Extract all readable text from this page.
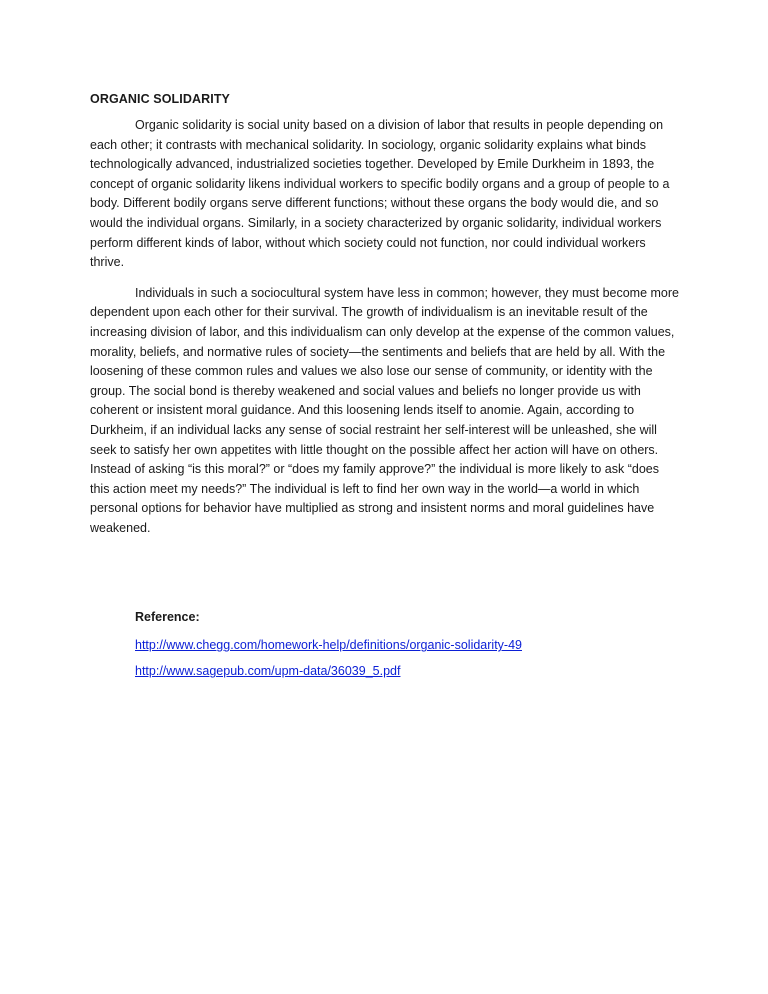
ORGANIC SOLIDARITY

Organic solidarity is social unity based on a division of labor that results in people depending on each other; it contrasts with mechanical solidarity. In sociology, organic solidarity explains what binds technologically advanced, industrialized societies together. Developed by Emile Durkheim in 1893, the concept of organic solidarity likens individual workers to specific bodily organs and a group of people to a body. Different bodily organs serve different functions; without these organs the body would die, and so would the individual organs. Similarly, in a society characterized by organic solidarity, individual workers perform different kinds of labor, without which society could not function, nor could individual workers thrive.

Individuals in such a sociocultural system have less in common; however, they must become more dependent upon each other for their survival. The growth of individualism is an inevitable result of the increasing division of labor, and this individualism can only develop at the expense of the common values, morality, beliefs, and normative rules of society—the sentiments and beliefs that are held by all. With the loosening of these common rules and values we also lose our sense of community, or identity with the group. The social bond is thereby weakened and social values and beliefs no longer provide us with coherent or insistent moral guidance. And this loosening lends itself to anomie. Again, according to Durkheim, if an individual lacks any sense of social restraint her self-interest will be unleashed, she will seek to satisfy her own appetites with little thought on the possible affect her action will have on others. Instead of asking “is this moral?” or “does my family approve?” the individual is more likely to ask “does this action meet my needs?” The individual is left to find her own way in the world—a world in which personal options for behavior have multiplied as strong and insistent norms and moral guidelines have weakened.

Reference:
http://www.chegg.com/homework-help/definitions/organic-solidarity-49
http://www.sagepub.com/upm-data/36039_5.pdf
